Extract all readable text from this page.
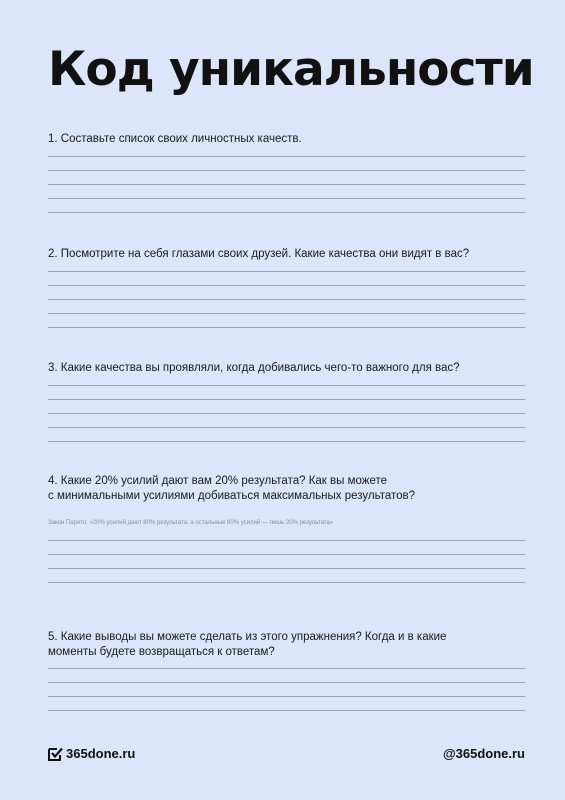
Код уникальности
1. Составьте список своих личностных качеств.
2. Посмотрите на себя глазами своих друзей. Какие качества они видят в вас?
3. Какие качества вы проявляли, когда добивались чего-то важного для вас?
4. Какие 20% усилий дают вам 20% результата? Как вы можете
с минимальными усилиями добиваться максимальных результатов?
Закон Парето: «20% усилий дают 80% результата, а остальные 80% усилий — лишь 20% результата»
5. Какие выводы вы можете сделать из этого упражнения? Когда и в какие
моменты будете возвращаться к ответам?
365done.ru	@365done.ru
